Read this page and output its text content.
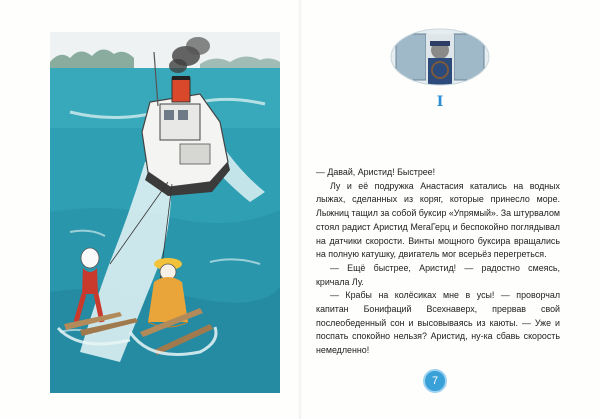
I

— Давай, Аристид! Быстрее!

Лу и её подружка Анастасия катались на водных лыжах, сделанных из коряг, которые принесло море. Лыжниц тащил за собой буксир «Упрямый». За штурвалом стоял радист Аристид МегаГерц и беспокойно поглядывал на датчики скорости. Винты мощного буксира вращались на полную катушку, двигатель мог всерьёз перегреться.

— Ещё быстрее, Аристид! — радостно смеясь, кричала Лу.

— Крабы на колёсиках мне в усы! — проворчал капитан Бонифаций Всехнаверх, прервав свой послеобеденный сон и высовываясь из каюты. — Уже и поспать спокойно нельзя? Аристид, ну-ка сбавь скорость немедленно!

7
